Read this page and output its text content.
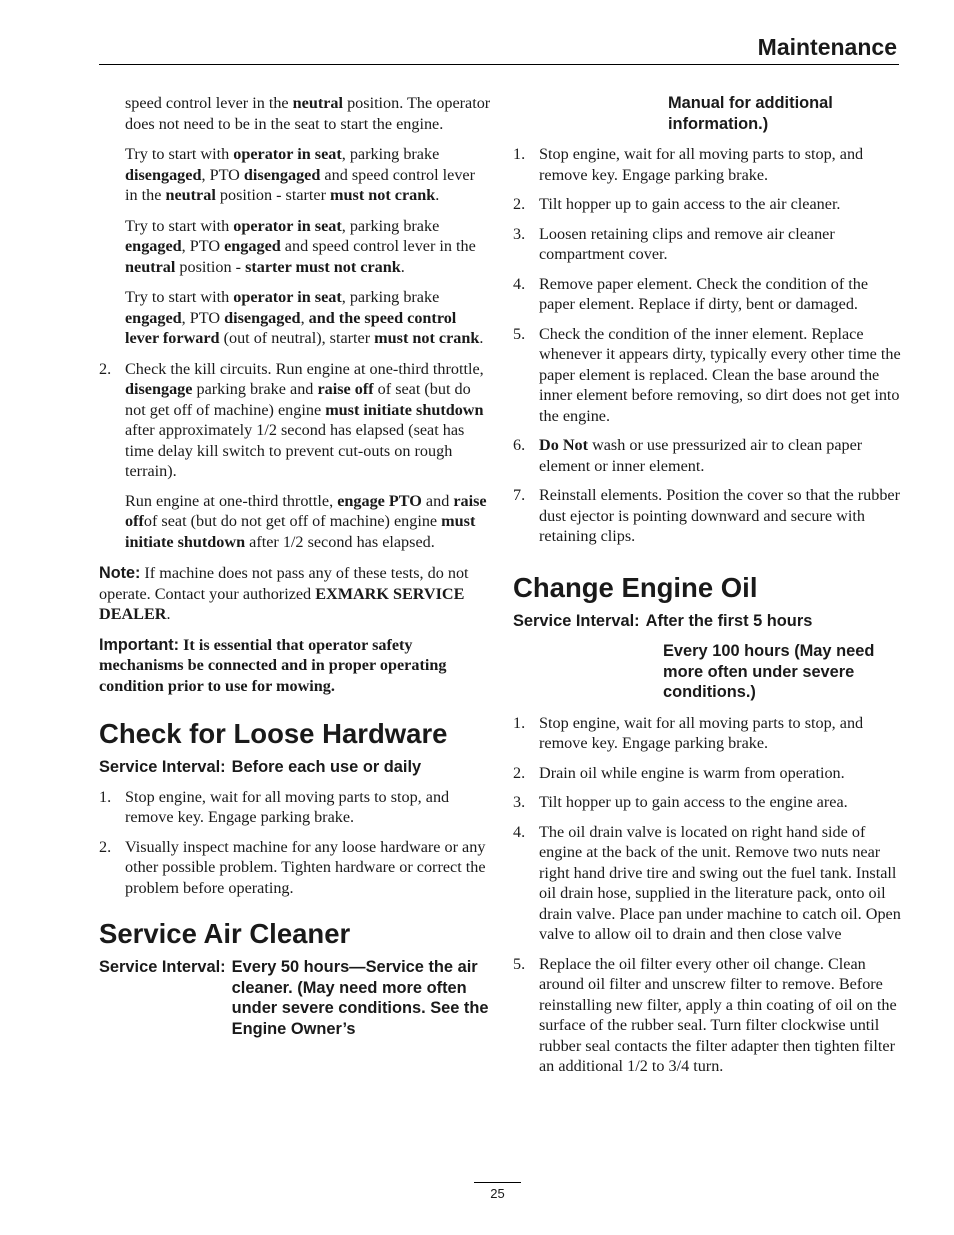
Maintenance

speed control lever in the neutral position. The operator does not need to be in the seat to start the engine.

Try to start with operator in seat, parking brake disengaged, PTO disengaged and speed control lever in the neutral position - starter must not crank.

Try to start with operator in seat, parking brake engaged, PTO engaged and speed control lever in the neutral position - starter must not crank.

Try to start with operator in seat, parking brake engaged, PTO disengaged, and the speed control lever forward (out of neutral), starter must not crank.

2. Check the kill circuits. Run engine at one-third throttle, disengage parking brake and raise off of seat (but do not get off of machine) engine must initiate shutdown after approximately 1/2 second has elapsed (seat has time delay kill switch to prevent cut-outs on rough terrain).

Run engine at one-third throttle, engage PTO and raise offof seat (but do not get off of machine) engine must initiate shutdown after 1/2 second has elapsed.

Note: If machine does not pass any of these tests, do not operate. Contact your authorized EXMARK SERVICE DEALER.

Important: It is essential that operator safety mechanisms be connected and in proper operating condition prior to use for mowing.

Check for Loose Hardware
Service Interval: Before each use or daily
1. Stop engine, wait for all moving parts to stop, and remove key. Engage parking brake.
2. Visually inspect machine for any loose hardware or any other possible problem. Tighten hardware or correct the problem before operating.
Service Air Cleaner
Service Interval: Every 50 hours—Service the air cleaner. (May need more often under severe conditions. See the Engine Owner’s

Manual for additional information.)

1. Stop engine, wait for all moving parts to stop, and remove key. Engage parking brake.
2. Tilt hopper up to gain access to the air cleaner.
3. Loosen retaining clips and remove air cleaner compartment cover.
4. Remove paper element. Check the condition of the paper element. Replace if dirty, bent or damaged.
5. Check the condition of the inner element. Replace whenever it appears dirty, typically every other time the paper element is replaced. Clean the base around the inner element before removing, so dirt does not get into the engine.
6. Do Not wash or use pressurized air to clean paper element or inner element.
7. Reinstall elements. Position the cover so that the rubber dust ejector is pointing downward and secure with retaining clips.
Change Engine Oil
Service Interval: After the first 5 hours

Every 100 hours (May need more often under severe conditions.)

1. Stop engine, wait for all moving parts to stop, and remove key. Engage parking brake.
2. Drain oil while engine is warm from operation.
3. Tilt hopper up to gain access to the engine area.
4. The oil drain valve is located on right hand side of engine at the back of the unit. Remove two nuts near right hand drive tire and swing out the fuel tank. Install oil drain hose, supplied in the literature pack, onto oil drain valve. Place pan under machine to catch oil. Open valve to allow oil to drain and then close valve
5. Replace the oil filter every other oil change. Clean around oil filter and unscrew filter to remove. Before reinstalling new filter, apply a thin coating of oil on the surface of the rubber seal. Turn filter clockwise until rubber seal contacts the filter adapter then tighten filter an additional 1/2 to 3/4 turn.
25
